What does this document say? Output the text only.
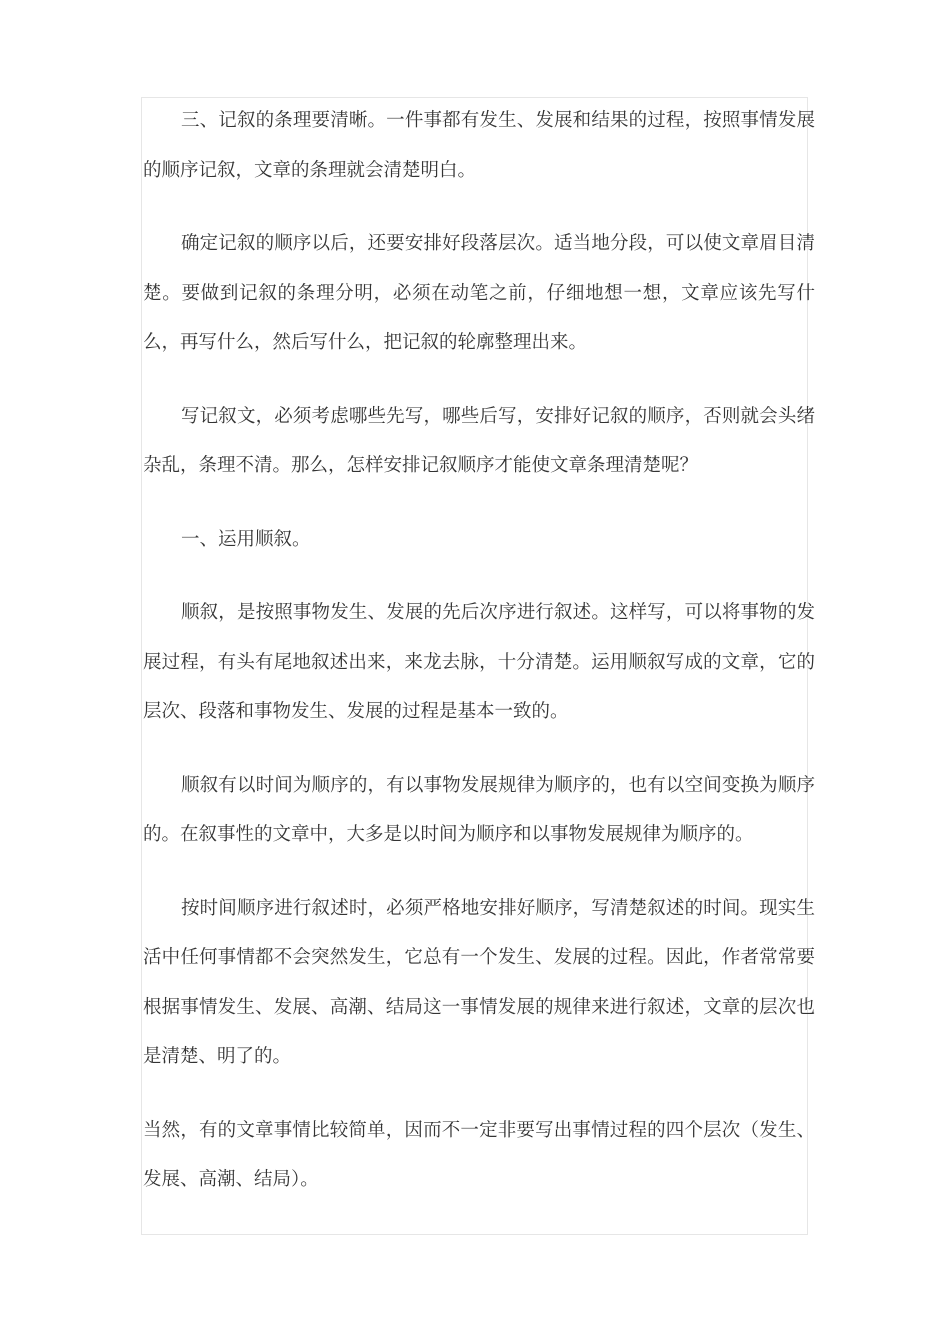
三、记叙的条理要清晰。一件事都有发生、发展和结果的过程，按照事情发展的顺序记叙，文章的条理就会清楚明白。

确定记叙的顺序以后，还要安排好段落层次。适当地分段，可以使文章眉目清楚。要做到记叙的条理分明，必须在动笔之前，仔细地想一想，文章应该先写什么，再写什么，然后写什么，把记叙的轮廓整理出来。

写记叙文，必须考虑哪些先写，哪些后写，安排好记叙的顺序，否则就会头绪杂乱，条理不清。那么，怎样安排记叙顺序才能使文章条理清楚呢？

一、运用顺叙。

顺叙，是按照事物发生、发展的先后次序进行叙述。这样写，可以将事物的发展过程，有头有尾地叙述出来，来龙去脉，十分清楚。运用顺叙写成的文章，它的层次、段落和事物发生、发展的过程是基本一致的。

顺叙有以时间为顺序的，有以事物发展规律为顺序的，也有以空间变换为顺序的。在叙事性的文章中，大多是以时间为顺序和以事物发展规律为顺序的。

按时间顺序进行叙述时，必须严格地安排好顺序，写清楚叙述的时间。现实生活中任何事情都不会突然发生，它总有一个发生、发展的过程。因此，作者常常要根据事情发生、发展、高潮、结局这一事情发展的规律来进行叙述，文章的层次也是清楚、明了的。

当然，有的文章事情比较简单，因而不一定非要写出事情过程的四个层次（发生、发展、高潮、结局）。
